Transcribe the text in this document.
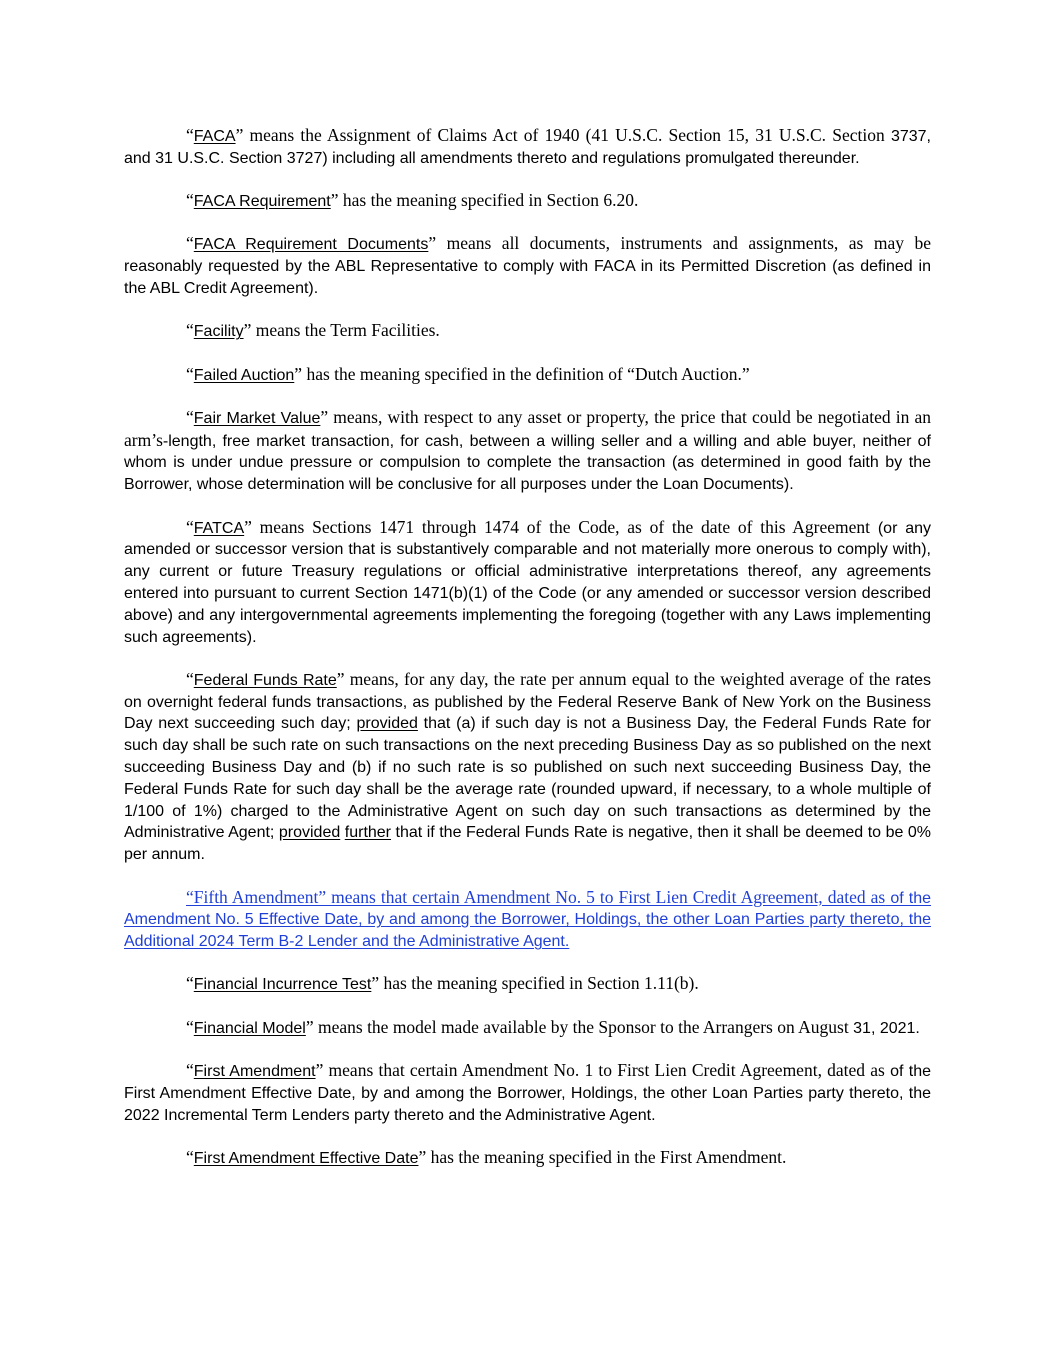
“FACA” means the Assignment of Claims Act of 1940 (41 U.S.C. Section 15, 31 U.S.C. Section 3737, and 31 U.S.C. Section 3727) including all amendments thereto and regulations promulgated thereunder.

“FACA Requirement” has the meaning specified in Section 6.20.

“FACA Requirement Documents” means all documents, instruments and assignments, as may be reasonably requested by the ABL Representative to comply with FACA in its Permitted Discretion (as defined in the ABL Credit Agreement).

“Facility” means the Term Facilities.

“Failed Auction” has the meaning specified in the definition of “Dutch Auction.”

“Fair Market Value” means, with respect to any asset or property, the price that could be negotiated in an arm’s-length, free market transaction, for cash, between a willing seller and a willing and able buyer, neither of whom is under undue pressure or compulsion to complete the transaction (as determined in good faith by the Borrower, whose determination will be conclusive for all purposes under the Loan Documents).

“FATCA” means Sections 1471 through 1474 of the Code, as of the date of this Agreement (or any amended or successor version that is substantively comparable and not materially more onerous to comply with), any current or future Treasury regulations or official administrative interpretations thereof, any agreements entered into pursuant to current Section 1471(b)(1) of the Code (or any amended or successor version described above) and any intergovernmental agreements implementing the foregoing (together with any Laws implementing such agreements).

“Federal Funds Rate” means, for any day, the rate per annum equal to the weighted average of the rates on overnight federal funds transactions, as published by the Federal Reserve Bank of New York on the Business Day next succeeding such day; provided that (a) if such day is not a Business Day, the Federal Funds Rate for such day shall be such rate on such transactions on the next preceding Business Day as so published on the next succeeding Business Day and (b) if no such rate is so published on such next succeeding Business Day, the Federal Funds Rate for such day shall be the average rate (rounded upward, if necessary, to a whole multiple of 1/100 of 1%) charged to the Administrative Agent on such day on such transactions as determined by the Administrative Agent; provided further that if the Federal Funds Rate is negative, then it shall be deemed to be 0% per annum.

“Fifth Amendment” means that certain Amendment No. 5 to First Lien Credit Agreement, dated as of the Amendment No. 5 Effective Date, by and among the Borrower, Holdings, the other Loan Parties party thereto, the Additional 2024 Term B-2 Lender and the Administrative Agent.

“Financial Incurrence Test” has the meaning specified in Section 1.11(b).

“Financial Model” means the model made available by the Sponsor to the Arrangers on August 31, 2021.

“First Amendment” means that certain Amendment No. 1 to First Lien Credit Agreement, dated as of the First Amendment Effective Date, by and among the Borrower, Holdings, the other Loan Parties party thereto, the 2022 Incremental Term Lenders party thereto and the Administrative Agent.

“First Amendment Effective Date” has the meaning specified in the First Amendment.
